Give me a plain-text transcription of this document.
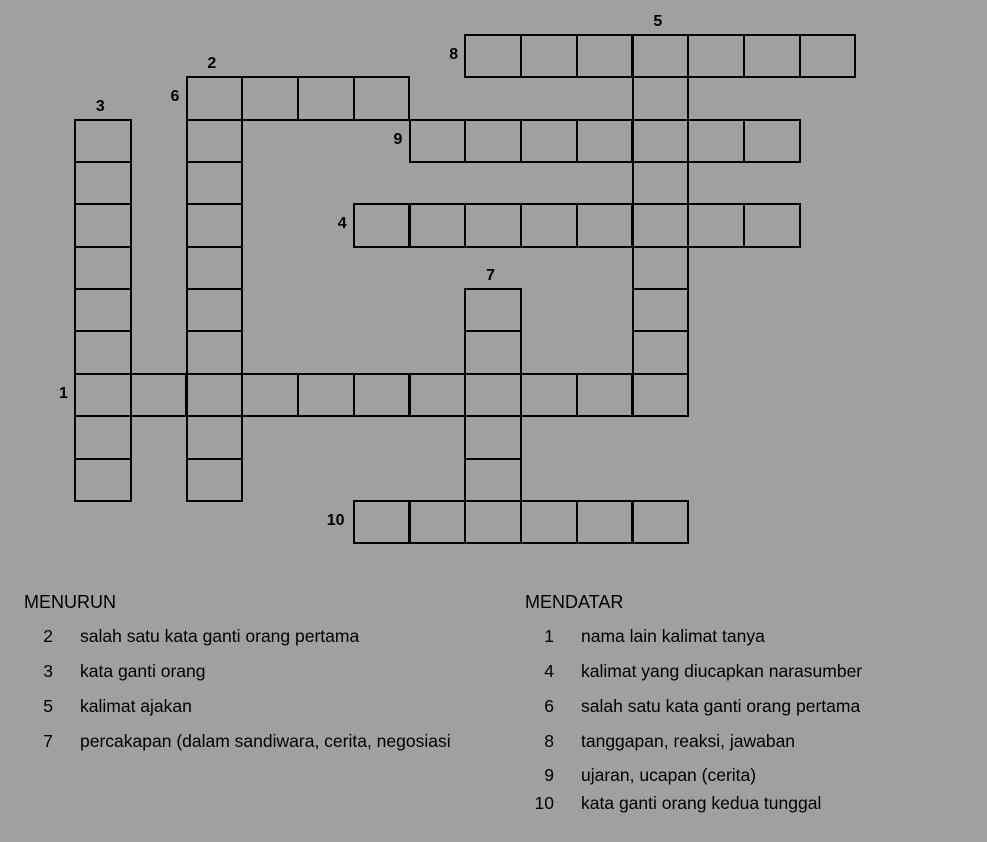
1
2
3
4
5
6
7
8
9
10
MENURUN	MENDATAR
2 salah satu kata ganti orang pertama
3 kata ganti orang
5 kalimat ajakan
7 percakapan (dalam sandiwara, cerita, negosiasi
1 nama lain kalimat tanya
4 kalimat yang diucapkan narasumber
6 salah satu kata ganti orang pertama
8 tanggapan, reaksi, jawaban
9 ujaran, ucapan (cerita)
10 kata ganti orang kedua tunggal
